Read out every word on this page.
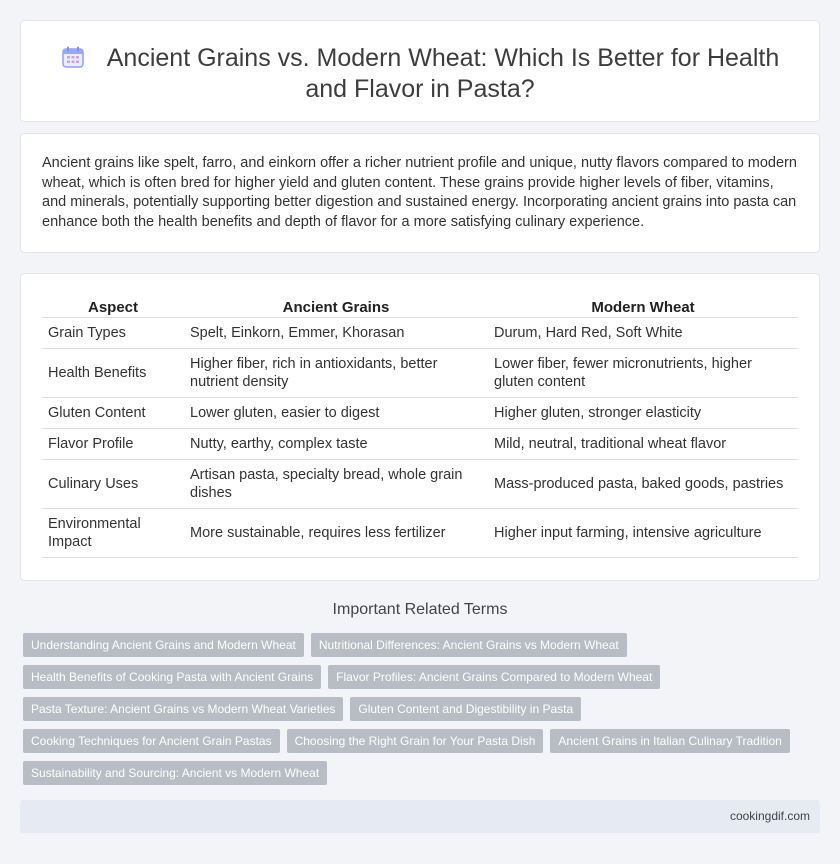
Ancient Grains vs. Modern Wheat: Which Is Better for Health and Flavor in Pasta?

Ancient grains like spelt, farro, and einkorn offer a richer nutrient profile and unique, nutty flavors compared to modern wheat, which is often bred for higher yield and gluten content. These grains provide higher levels of fiber, vitamins, and minerals, potentially supporting better digestion and sustained energy. Incorporating ancient grains into pasta can enhance both the health benefits and depth of flavor for a more satisfying culinary experience.

Aspect	Ancient Grains	Modern Wheat
Grain Types	Spelt, Einkorn, Emmer, Khorasan	Durum, Hard Red, Soft White
Health Benefits	Higher fiber, rich in antioxidants, better nutrient density	Lower fiber, fewer micronutrients, higher gluten content
Gluten Content	Lower gluten, easier to digest	Higher gluten, stronger elasticity
Flavor Profile	Nutty, earthy, complex taste	Mild, neutral, traditional wheat flavor
Culinary Uses	Artisan pasta, specialty bread, whole grain dishes	Mass-produced pasta, baked goods, pastries
Environmental Impact	More sustainable, requires less fertilizer	Higher input farming, intensive agriculture
Important Related Terms
Understanding Ancient Grains and Modern Wheat	Nutritional Differences: Ancient Grains vs Modern Wheat
Health Benefits of Cooking Pasta with Ancient Grains	Flavor Profiles: Ancient Grains Compared to Modern Wheat
Pasta Texture: Ancient Grains vs Modern Wheat Varieties	Gluten Content and Digestibility in Pasta
Cooking Techniques for Ancient Grain Pastas	Choosing the Right Grain for Your Pasta Dish	Ancient Grains in Italian Culinary Tradition
Sustainability and Sourcing: Ancient vs Modern Wheat
cookingdif.com
